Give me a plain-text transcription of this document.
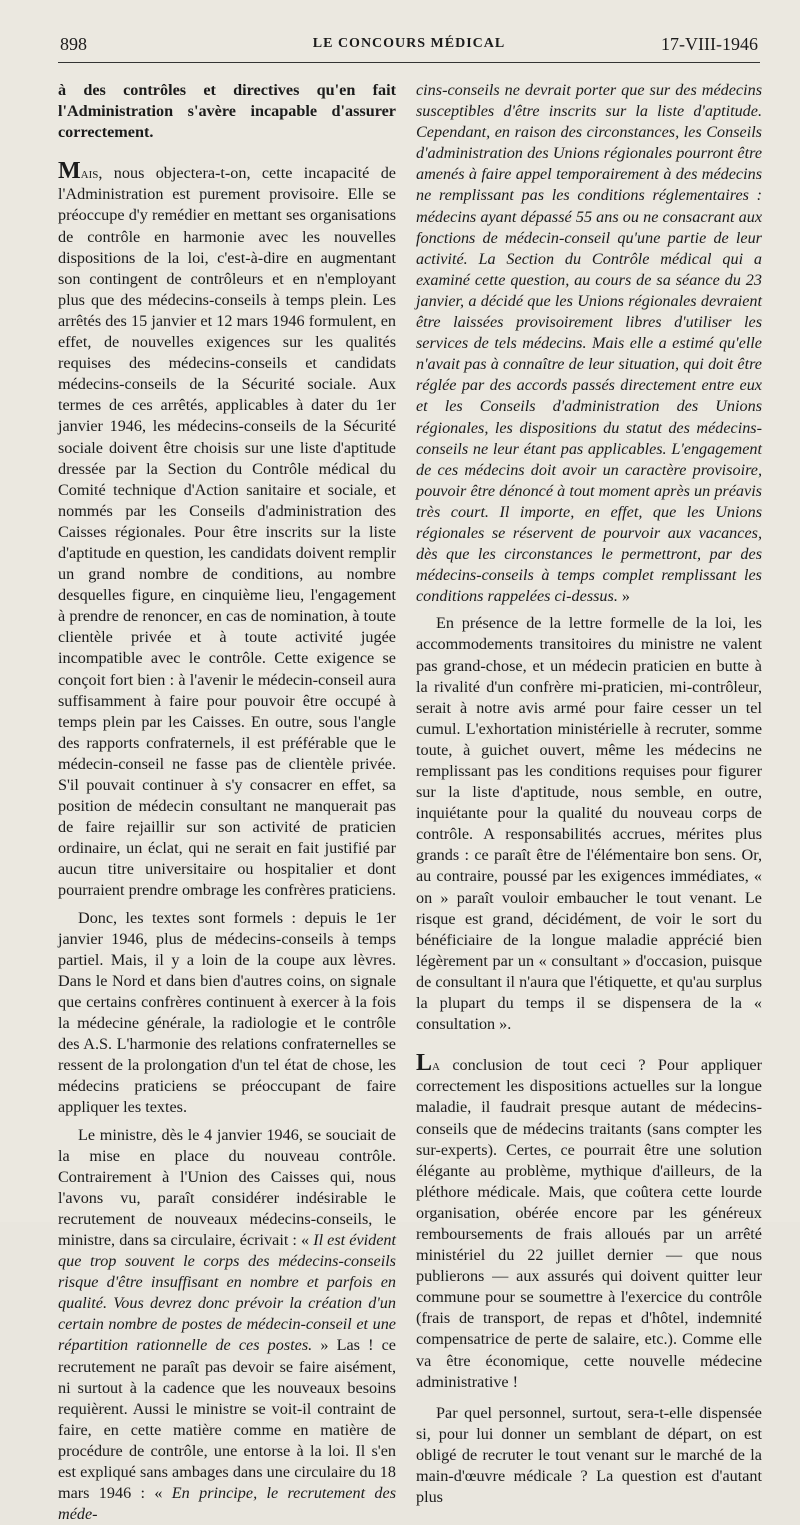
898	LE CONCOURS MÉDICAL	17-VIII-1946

à des contrôles et directives qu'en fait l'Administration s'avère incapable d'assurer correctement.

Mais, nous objectera-t-on, cette incapacité de l'Administration est purement provisoire. Elle se préoccupe d'y remédier en mettant ses organisations de contrôle en harmonie avec les nouvelles dispositions de la loi, c'est-à-dire en augmentant son contingent de contrôleurs et en n'employant plus que des médecins-conseils à temps plein. Les arrêtés des 15 janvier et 12 mars 1946 formulent, en effet, de nouvelles exigences sur les qualités requises des médecins-conseils et candidats médecins-conseils de la Sécurité sociale. Aux termes de ces arrêtés, applicables à dater du 1er janvier 1946, les médecins-conseils de la Sécurité sociale doivent être choisis sur une liste d'aptitude dressée par la Section du Contrôle médical du Comité technique d'Action sanitaire et sociale, et nommés par les Conseils d'administration des Caisses régionales. Pour être inscrits sur la liste d'aptitude en question, les candidats doivent remplir un grand nombre de conditions, au nombre desquelles figure, en cinquième lieu, l'engagement à prendre de renoncer, en cas de nomination, à toute clientèle privée et à toute activité jugée incompatible avec le contrôle. Cette exigence se conçoit fort bien : à l'avenir le médecin-conseil aura suffisamment à faire pour pouvoir être occupé à temps plein par les Caisses. En outre, sous l'angle des rapports confraternels, il est préférable que le médecin-conseil ne fasse pas de clientèle privée. S'il pouvait continuer à s'y consacrer en effet, sa position de médecin consultant ne manquerait pas de faire rejaillir sur son activité de praticien ordinaire, un éclat, qui ne serait en fait justifié par aucun titre universitaire ou hospitalier et dont pourraient prendre ombrage les confrères praticiens.

Donc, les textes sont formels : depuis le 1er janvier 1946, plus de médecins-conseils à temps partiel. Mais, il y a loin de la coupe aux lèvres. Dans le Nord et dans bien d'autres coins, on signale que certains confrères continuent à exercer à la fois la médecine générale, la radiologie et le contrôle des A.S. L'harmonie des relations confraternelles se ressent de la prolongation d'un tel état de chose, les médecins praticiens se préoccupant de faire appliquer les textes.

Le ministre, dès le 4 janvier 1946, se souciait de la mise en place du nouveau contrôle. Contrairement à l'Union des Caisses qui, nous l'avons vu, paraît considérer indésirable le recrutement de nouveaux médecins-conseils, le ministre, dans sa circulaire, écrivait : « Il est évident que trop souvent le corps des médecins-conseils risque d'être insuffisant en nombre et parfois en qualité. Vous devrez donc prévoir la création d'un certain nombre de postes de médecin-conseil et une répartition rationnelle de ces postes. » Las ! ce recrutement ne paraît pas devoir se faire aisément, ni surtout à la cadence que les nouveaux besoins requièrent. Aussi le ministre se voit-il contraint de faire, en cette matière comme en matière de procédure de contrôle, une entorse à la loi. Il s'en est expliqué sans ambages dans une circulaire du 18 mars 1946 : « En principe, le recrutement des méde-

cins-conseils ne devrait porter que sur des médecins susceptibles d'être inscrits sur la liste d'aptitude. Cependant, en raison des circonstances, les Conseils d'administration des Unions régionales pourront être amenés à faire appel temporairement à des médecins ne remplissant pas les conditions réglementaires : médecins ayant dépassé 55 ans ou ne consacrant aux fonctions de médecin-conseil qu'une partie de leur activité. La Section du Contrôle médical qui a examiné cette question, au cours de sa séance du 23 janvier, a décidé que les Unions régionales devraient être laissées provisoirement libres d'utiliser les services de tels médecins. Mais elle a estimé qu'elle n'avait pas à connaître de leur situation, qui doit être réglée par des accords passés directement entre eux et les Conseils d'administration des Unions régionales, les dispositions du statut des médecins-conseils ne leur étant pas applicables. L'engagement de ces médecins doit avoir un caractère provisoire, pouvoir être dénoncé à tout moment après un préavis très court. Il importe, en effet, que les Unions régionales se réservent de pourvoir aux vacances, dès que les circonstances le permettront, par des médecins-conseils à temps complet remplissant les conditions rappelées ci-dessus. »

En présence de la lettre formelle de la loi, les accommodements transitoires du ministre ne valent pas grand-chose, et un médecin praticien en butte à la rivalité d'un confrère mi-praticien, mi-contrôleur, serait à notre avis armé pour faire cesser un tel cumul. L'exhortation ministérielle à recruter, somme toute, à guichet ouvert, même les médecins ne remplissant pas les conditions requises pour figurer sur la liste d'aptitude, nous semble, en outre, inquiétante pour la qualité du nouveau corps de contrôle. A responsabilités accrues, mérites plus grands : ce paraît être de l'élémentaire bon sens. Or, au contraire, poussé par les exigences immédiates, « on » paraît vouloir embaucher le tout venant. Le risque est grand, décidément, de voir le sort du bénéficiaire de la longue maladie apprécié bien légèrement par un « consultant » d'occasion, puisque de consultant il n'aura que l'étiquette, et qu'au surplus la plupart du temps il se dispensera de la « consultation ».

La conclusion de tout ceci ? Pour appliquer correctement les dispositions actuelles sur la longue maladie, il faudrait presque autant de médecins-conseils que de médecins traitants (sans compter les sur-experts). Certes, ce pourrait être une solution élégante au problème, mythique d'ailleurs, de la pléthore médicale. Mais, que coûtera cette lourde organisation, obérée encore par les généreux remboursements de frais alloués par un arrêté ministériel du 22 juillet dernier — que nous publierons — aux assurés qui doivent quitter leur commune pour se soumettre à l'exercice du contrôle (frais de transport, de repas et d'hôtel, indemnité compensatrice de perte de salaire, etc.). Comme elle va être économique, cette nouvelle médecine administrative !

Par quel personnel, surtout, sera-t-elle dispensée si, pour lui donner un semblant de départ, on est obligé de recruter le tout venant sur le marché de la main-d'œuvre médicale ? La question est d'autant plus
